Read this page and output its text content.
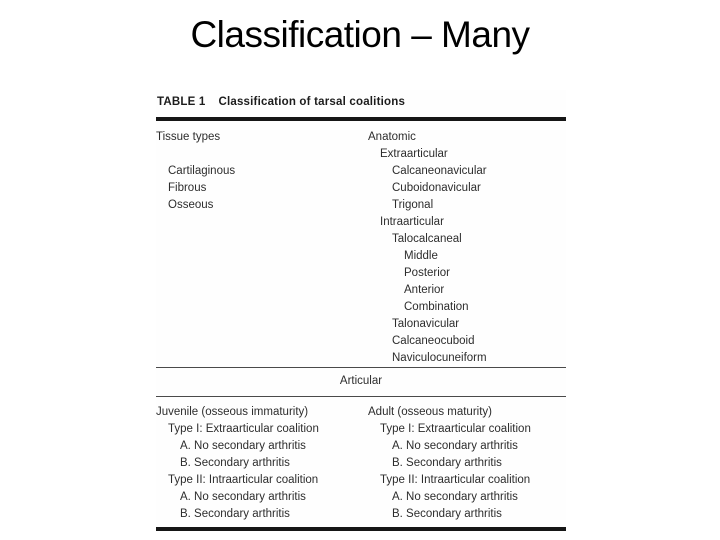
Classification – Many
TABLE 1 Classification of tarsal coalitions
Tissue types
Cartilaginous
Fibrous
Osseous
Anatomic
Extraarticular
Calcaneonavicular
Cuboidonavicular
Trigonal
Intraarticular
Talocalcaneal
Middle
Posterior
Anterior
Combination
Talonavicular
Calcaneocuboid
Naviculocuneiform
Articular
Juvenile (osseous immaturity)
Type I: Extraarticular coalition
A. No secondary arthritis
B. Secondary arthritis
Type II: Intraarticular coalition
A. No secondary arthritis
B. Secondary arthritis
Adult (osseous maturity)
Type I: Extraarticular coalition
A. No secondary arthritis
B. Secondary arthritis
Type II: Intraarticular coalition
A. No secondary arthritis
B. Secondary arthritis
